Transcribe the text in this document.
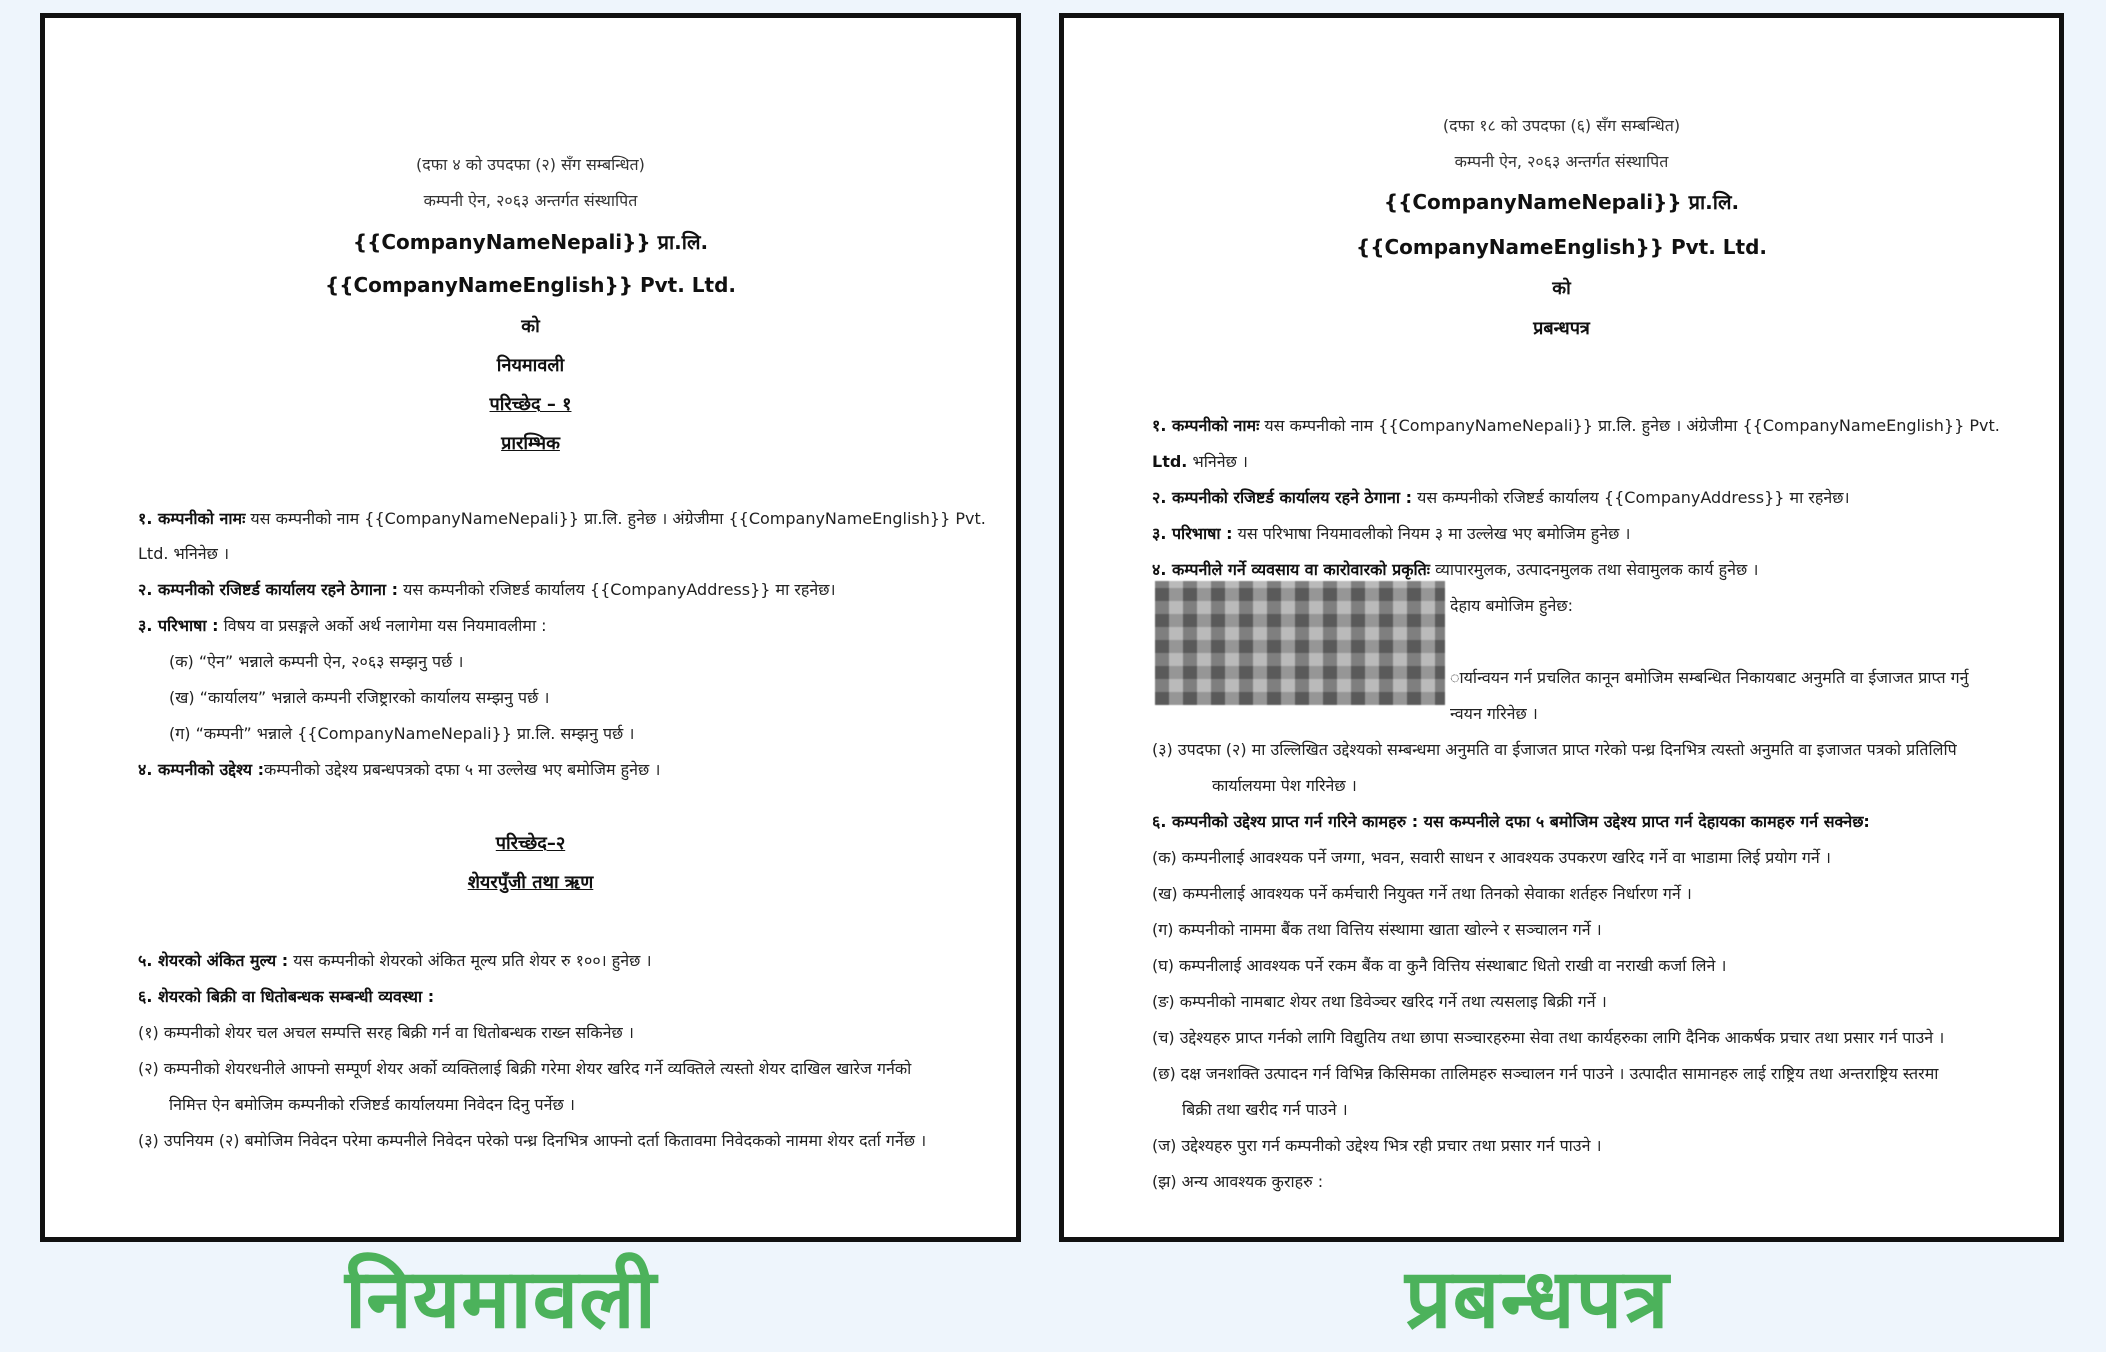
(दफा ४ को उपदफा (२) सँग सम्बन्धित)
कम्पनी ऐन, २०६३ अन्तर्गत संस्थापित
{{CompanyNameNepali}} प्रा.लि.
{{CompanyNameEnglish}} Pvt. Ltd.
को
नियमावली
परिच्छेद – १
प्रारम्भिक
१. कम्पनीको नामः यस कम्पनीको नाम {{CompanyNameNepali}} प्रा.लि. हुनेछ । अंग्रेजीमा {{CompanyNameEnglish}} Pvt.
Ltd. भनिनेछ ।
२. कम्पनीको रजिष्टर्ड कार्यालय रहने ठेगाना : यस कम्पनीको रजिष्टर्ड कार्यालय {{CompanyAddress}} मा रहनेछ।
३. परिभाषा : विषय वा प्रसङ्गले अर्को अर्थ नलागेमा यस नियमावलीमा :
(क) “ऐन” भन्नाले कम्पनी ऐन, २०६३ सम्झनु पर्छ ।
(ख) “कार्यालय” भन्नाले कम्पनी रजिष्ट्रारको कार्यालय सम्झनु पर्छ ।
(ग) “कम्पनी” भन्नाले {{CompanyNameNepali}} प्रा.लि. सम्झनु पर्छ ।
४. कम्पनीको उद्देश्य :कम्पनीको उद्देश्य प्रबन्धपत्रको दफा ५ मा उल्लेख भए बमोजिम हुनेछ ।
परिच्छेद–२
शेयरपुँजी तथा ऋण
५. शेयरको अंकित मुल्य : यस कम्पनीको शेयरको अंकित मूल्य प्रति शेयर रु १००। हुनेछ ।
६. शेयरको बिक्री वा धितोबन्धक सम्बन्धी व्यवस्था :
(१) कम्पनीको शेयर चल अचल सम्पत्ति सरह बिक्री गर्न वा धितोबन्धक राख्न सकिनेछ ।
(२) कम्पनीको शेयरधनीले आफ्नो सम्पूर्ण शेयर अर्को व्यक्तिलाई बिक्री गरेमा शेयर खरिद गर्ने व्यक्तिले त्यस्तो शेयर दाखिल खारेज गर्नको
निमित्त ऐन बमोजिम कम्पनीको रजिष्टर्ड कार्यालयमा निवेदन दिनु पर्नेछ ।
(३) उपनियम (२) बमोजिम निवेदन परेमा कम्पनीले निवेदन परेको पन्ध्र दिनभित्र आफ्नो दर्ता कितावमा निवेदकको नाममा शेयर दर्ता गर्नेछ ।
(दफा १८ को उपदफा (६) सँग सम्बन्धित)
कम्पनी ऐन, २०६३ अन्तर्गत संस्थापित
{{CompanyNameNepali}} प्रा.लि.
{{CompanyNameEnglish}} Pvt. Ltd.
को
प्रबन्धपत्र
१. कम्पनीको नामः यस कम्पनीको नाम {{CompanyNameNepali}} प्रा.लि. हुनेछ । अंग्रेजीमा {{CompanyNameEnglish}} Pvt.
Ltd. भनिनेछ ।
२. कम्पनीको रजिष्टर्ड कार्यालय रहने ठेगाना : यस कम्पनीको रजिष्टर्ड कार्यालय {{CompanyAddress}} मा रहनेछ।
३. परिभाषा : यस परिभाषा नियमावलीको नियम ३ मा उल्लेख भए बमोजिम हुनेछ ।
४. कम्पनीले गर्ने व्यवसाय वा कारोवारको प्रकृतिः व्यापारमुलक, उत्पादनमुलक तथा सेवामुलक कार्य हुनेछ ।
देहाय बमोजिम हुनेछ:
ार्यान्वयन गर्न प्रचलित कानून बमोजिम सम्बन्धित निकायबाट अनुमति वा ईजाजत प्राप्त गर्नु
न्वयन गरिनेछ ।
(३) उपदफा (२) मा उल्लिखित उद्देश्यको सम्बन्धमा अनुमति वा ईजाजत प्राप्त गरेको पन्ध्र दिनभित्र त्यस्तो अनुमति वा इजाजत पत्रको प्रतिलिपि
कार्यालयमा पेश गरिनेछ ।
६. कम्पनीको उद्देश्य प्राप्त गर्न गरिने कामहरु : यस कम्पनीले दफा ५ बमोजिम उद्देश्य प्राप्त गर्न देहायका कामहरु गर्न सक्नेछ:
(क) कम्पनीलाई आवश्यक पर्ने जग्गा, भवन, सवारी साधन र आवश्यक उपकरण खरिद गर्ने वा भाडामा लिई प्रयोग गर्ने ।
(ख) कम्पनीलाई आवश्यक पर्ने कर्मचारी नियुक्त गर्ने तथा तिनको सेवाका शर्तहरु निर्धारण गर्ने ।
(ग) कम्पनीको नाममा बैंक तथा वित्तिय संस्थामा खाता खोल्ने र सञ्चालन गर्ने ।
(घ) कम्पनीलाई आवश्यक पर्ने रकम बैंक वा कुनै वित्तिय संस्थाबाट धितो राखी वा नराखी कर्जा लिने ।
(ङ) कम्पनीको नामबाट शेयर तथा डिवेञ्चर खरिद गर्ने तथा त्यसलाइ बिक्री गर्ने ।
(च) उद्देश्यहरु प्राप्त गर्नको लागि विद्युतिय तथा छापा सञ्चारहरुमा सेवा तथा कार्यहरुका लागि दैनिक आकर्षक प्रचार तथा प्रसार गर्न पाउने ।
(छ) दक्ष जनशक्ति उत्पादन गर्न विभिन्न किसिमका तालिमहरु सञ्चालन गर्न पाउने । उत्पादीत सामानहरु लाई राष्ट्रिय तथा अन्तराष्ट्रिय स्तरमा
बिक्री तथा खरीद गर्न पाउने ।
(ज) उद्देश्यहरु पुरा गर्न कम्पनीको उद्देश्य भित्र रही प्रचार तथा प्रसार गर्न पाउने ।
(झ) अन्य आवश्यक कुराहरु :
नियमावली	प्रबन्धपत्र
